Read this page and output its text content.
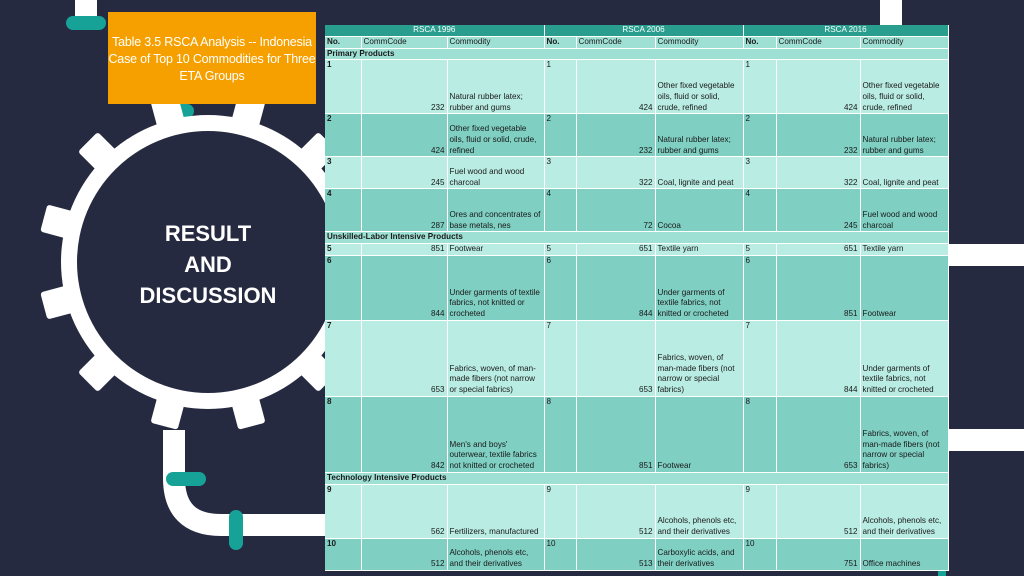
Table 3.5 RSCA Analysis -- Indonesia
Case of Top 10 Commodities for Three
ETA Groups
RESULT
AND
DISCUSSION
RSCA 1996			RSCA 2006			RSCA 2016		
No.	CommCode	Commodity	No.	CommCode	Commodity	No.	CommCode	Commodity
Primary Products								
1	232	Natural rubber latex; rubber and gums	1	424	Other fixed vegetable oils, fluid or solid, crude, refined	1	424	Other fixed vegetable oils, fluid or solid, crude, refined
2	424	Other fixed vegetable oils, fluid or solid, crude, refined	2	232	Natural rubber latex; rubber and gums	2	232	Natural rubber latex; rubber and gums
3	245	Fuel wood and wood charcoal	3	322	Coal, lignite and peat	3	322	Coal, lignite and peat
4	287	Ores and concentrates of base metals, nes	4	72	Cocoa	4	245	Fuel wood and wood charcoal
Unskilled-Labor Intensive Products								
5	851	Footwear	5	651	Textile yarn	5	651	Textile yarn
6	844	Under garments of textile fabrics, not knitted or crocheted	6	844	Under garments of textile fabrics, not knitted or crocheted	6	851	Footwear
7	653	Fabrics, woven, of man-made fibers (not narrow or special fabrics)	7	653	Fabrics, woven, of man-made fibers (not narrow or special fabrics)	7	844	Under garments of textile fabrics, not knitted or crocheted
8	842	Men's and boys' outerwear, textile fabrics not knitted or crocheted	8	851	Footwear	8	653	Fabrics, woven, of man-made fibers (not narrow or special fabrics)
Technology Intensive Products								
9	562	Fertilizers, manufactured	9	512	Alcohols, phenols etc, and their derivatives	9	512	Alcohols, phenols etc, and their derivatives
10	512	Alcohols, phenols etc, and their derivatives	10	513	Carboxylic acids, and their derivatives	10	751	Office machines
